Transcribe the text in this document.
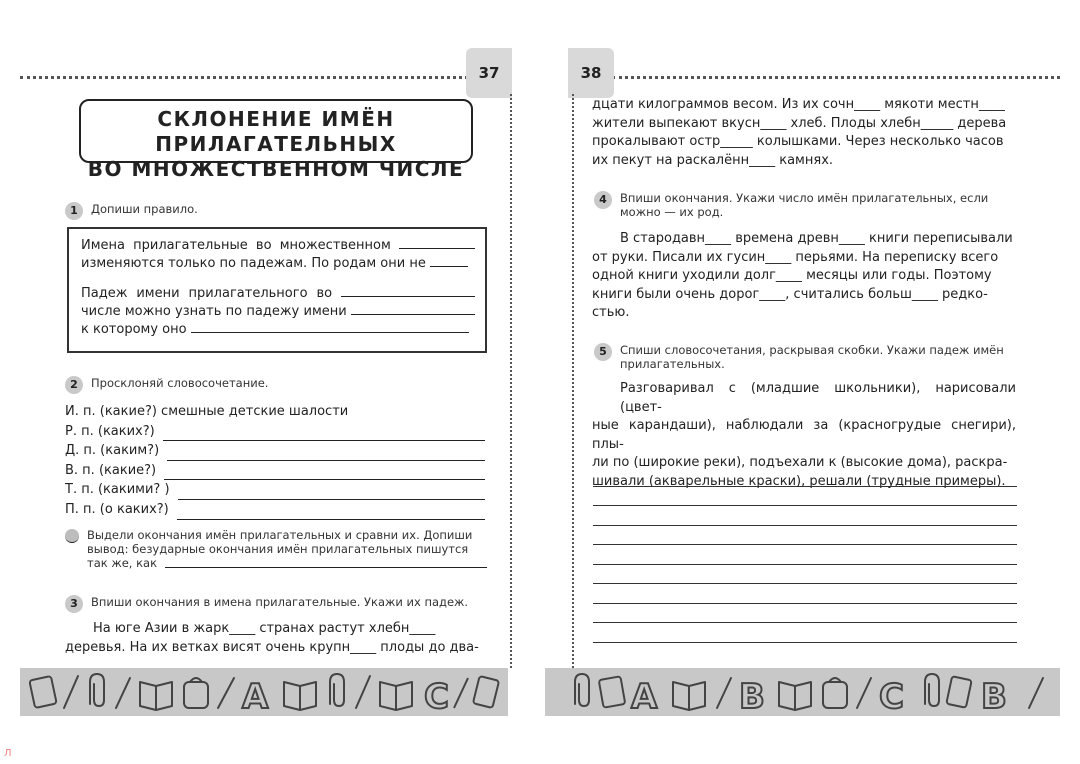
37	38
СКЛОНЕНИЕ ИМЁН ПРИЛАГАТЕЛЬНЫХ
ВО МНОЖЕСТВЕННОМ ЧИСЛЕ
1	Допиши правило.

Имена прилагательные во множественном  изменяются только по падежам. По родам они не

Падеж имени прилагательного во  числе можно узнать по падежу имени  к которому оно

2	Просклоняй словосочетание.
И. п. (какие?) смешные детские шалости
Р. п. (каких?)
Д. п. (каким?)
В. п. (какие?)
Т. п. (какими? )
П. п. (о каких?)
Выдели окончания имён прилагательных и сравни их. Допиши
вывод: безударные окончания имён прилагательных пишутся
так же, как
3	Впиши окончания в имена прилагательные. Укажи их падеж.
На юге Азии в жарк____ странах растут хлебн____
деревья. На их ветках висят очень крупн____ плоды до два-
дцати килограммов весом. Из их сочн____ мякоти местн____
жители выпекают вкусн____ хлеб. Плоды хлебн_____ дерева
прокалывают остр_____ колышками. Через несколько часов
их пекут на раскалённ____ камнях.
4	Впиши окончания. Укажи число имён прилагательных, если
можно — их род.
В стародавн____ времена древн____ книги переписывали
от руки. Писали их гусин____ перьями. На переписку всего
одной книги уходили долг____ месяцы или годы. Поэтому
книги были очень дорог____, считались больш____ редко-
стью.
5	Спиши словосочетания, раскрывая скобки. Укажи падеж имён
прилагательных.
Разговаривал с (младшие школьники), нарисовали (цвет-
ные карандаши), наблюдали за (красногрудые снегири), плы-
ли по (широкие реки), подъехали к (высокие дома), раскра-
шивали (акварельные краски), решали (трудные примеры).
А	С	А В	С В
Л
